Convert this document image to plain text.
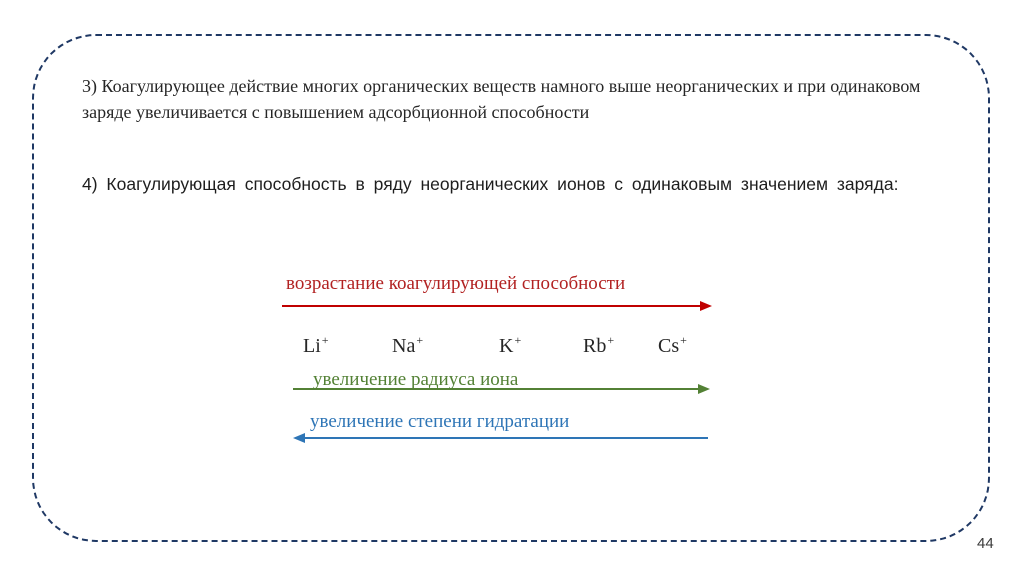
3) Коагулирующее действие многих органических веществ намного выше неорганических и при одинаковом заряде увеличивается с повышением адсорбционной способности
4) Коагулирующая способность в ряду неорганических ионов с одинаковым значением заряда:
возрастание коагулирующей способности
Li+	Na+	K+	Rb+ Cs+
увеличение радиуса иона
увеличение степени гидратации
44
